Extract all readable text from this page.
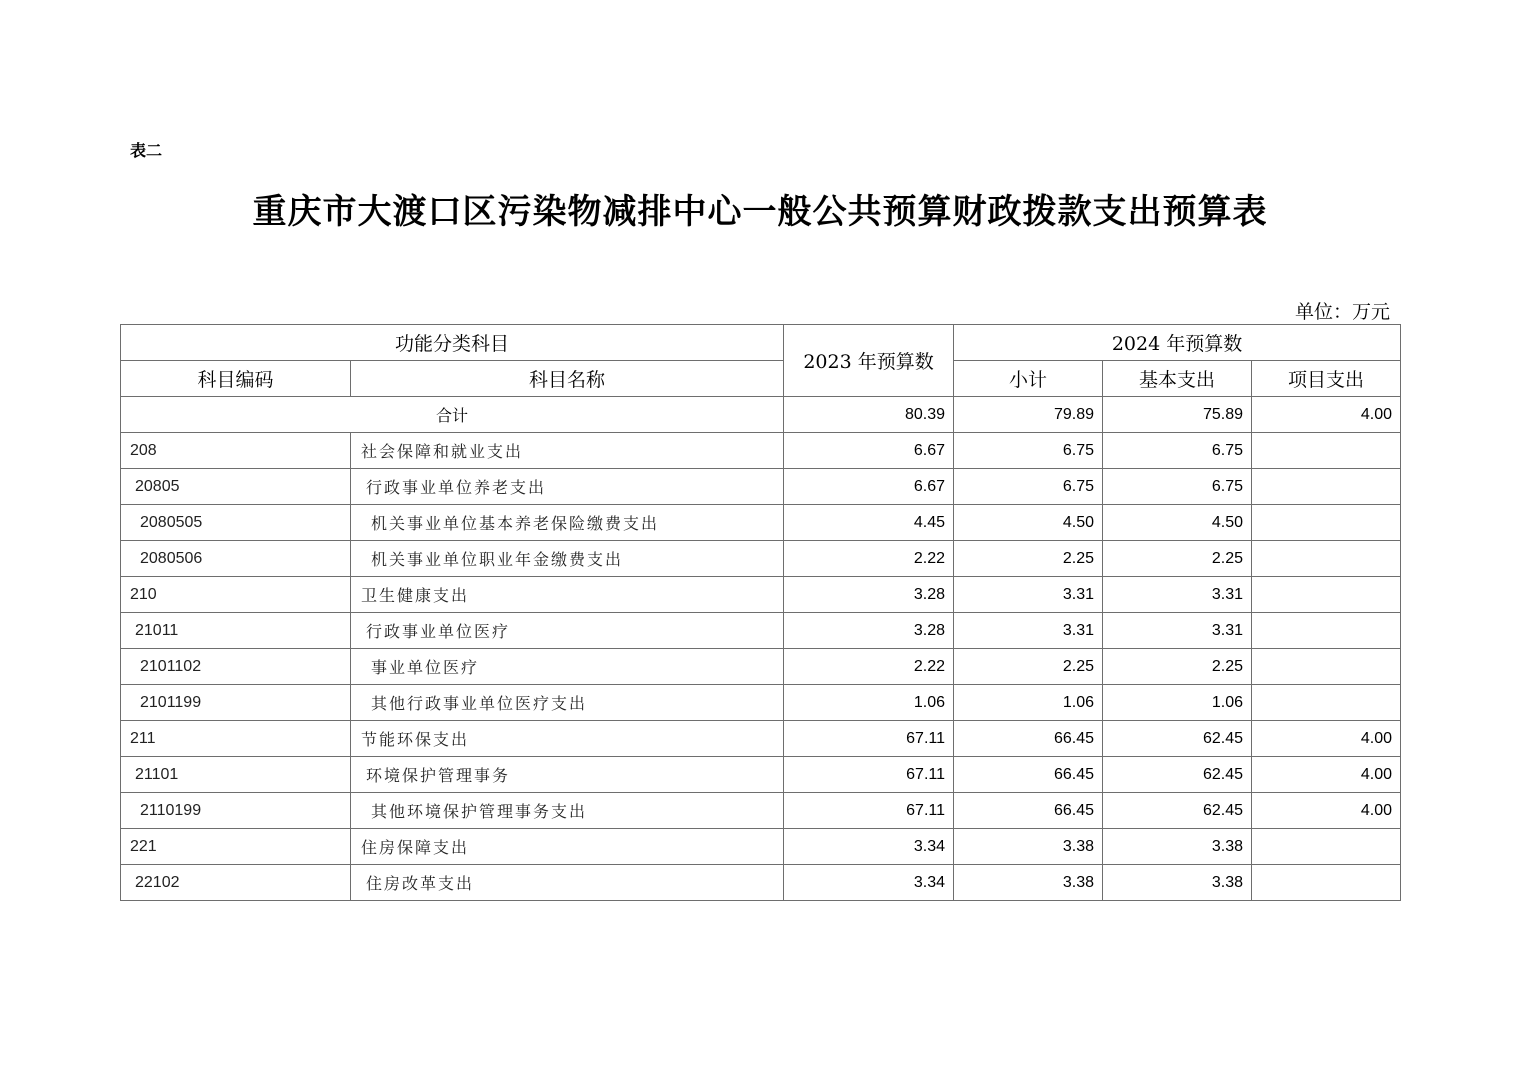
表二
重庆市大渡口区污染物减排中心一般公共预算财政拨款支出预算表
单位：万元
功能分类科目		2023 年预算数	2024 年预算数		
科目编码	科目名称		小计	基本支出	项目支出
合计		80.39	79.89	75.89	4.00
208	社会保障和就业支出	6.67	6.75	6.75	
20805	行政事业单位养老支出	6.67	6.75	6.75	
2080505	机关事业单位基本养老保险缴费支出	4.45	4.50	4.50	
2080506	机关事业单位职业年金缴费支出	2.22	2.25	2.25	
210	卫生健康支出	3.28	3.31	3.31	
21011	行政事业单位医疗	3.28	3.31	3.31	
2101102	事业单位医疗	2.22	2.25	2.25	
2101199	其他行政事业单位医疗支出	1.06	1.06	1.06	
211	节能环保支出	67.11	66.45	62.45	4.00
21101	环境保护管理事务	67.11	66.45	62.45	4.00
2110199	其他环境保护管理事务支出	67.11	66.45	62.45	4.00
221	住房保障支出	3.34	3.38	3.38	
22102	住房改革支出	3.34	3.38	3.38	
